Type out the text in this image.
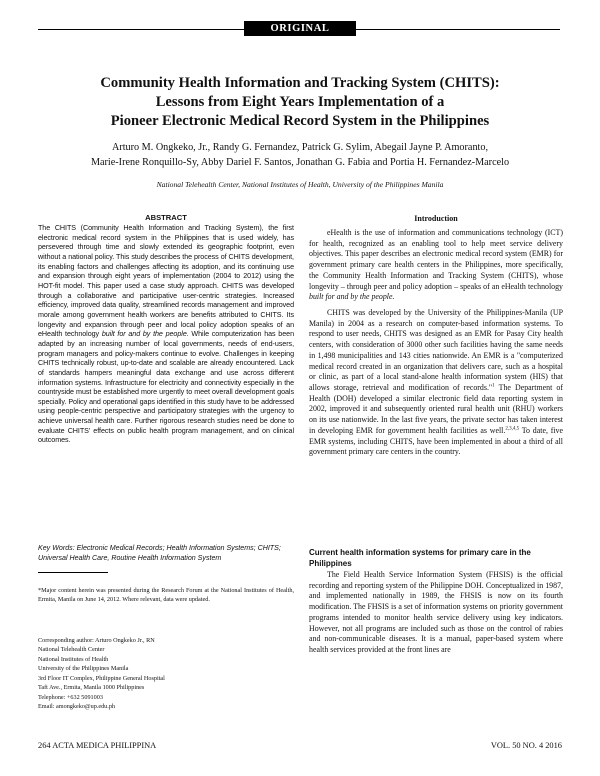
ORIGINAL ARTICLE
Community Health Information and Tracking System (CHITS):
Lessons from Eight Years Implementation of a
Pioneer Electronic Medical Record System in the Philippines
Arturo M. Ongkeko, Jr., Randy G. Fernandez, Patrick G. Sylim, Abegail Jayne P. Amoranto,
Marie-Irene Ronquillo-Sy, Abby Dariel F. Santos, Jonathan G. Fabia and Portia H. Fernandez-Marcelo
National Telehealth Center, National Institutes of Health, University of the Philippines Manila
ABSTRACT
The CHITS (Community Health Information and Tracking System), the first electronic medical record system in the Philippines that is used widely, has persevered through time and slowly extended its geographic footprint, even without a national policy. This study describes the process of CHITS development, its enabling factors and challenges affecting its adoption, and its continuing use and expansion through eight years of implementation (2004 to 2012) using the HOT-fit model. This paper used a case study approach. CHITS was developed through a collaborative and participative user-centric strategies. Increased efficiency, improved data quality, streamlined records management and improved morale among government health workers are benefits attributed to CHITS. Its longevity and expansion through peer and local policy adoption speaks of an eHealth technology built for and by the people. While computerization has been adapted by an increasing number of local governments, needs of end-users, program managers and policy-makers continue to evolve. Challenges in keeping CHITS technically robust, up-to-date and scalable are already encountered. Lack of standards hampers meaningful data exchange and use across different information systems. Infrastructure for electricity and connectivity especially in the countryside must be established more urgently to meet overall development goals specially. Policy and operational gaps identified in this study have to be addressed using people-centric perspective and participatory strategies with the urgency to achieve universal health care. Further rigorous research studies need be done to evaluate CHITS' effects on public health program management, and on clinical outcomes.
Key Words: Electronic Medical Records; Health Information Systems; CHITS; Universal Health Care, Routine Health Information System
*Major content herein was presented during the Research Forum at the National Institutes of Health, Ermita, Manila on June 14, 2012. Where relevant, data were updated.
Corresponding author: Arturo Ongkeko Jr., RN
National Telehealth Center
National Institutes of Health
University of the Philippines Manila
3rd Floor IT Complex, Philippine General Hospital
Taft Ave., Ermita, Manila 1000 Philippines
Telephone: +632 5091003
Email: amongkeko@up.edu.ph
Introduction

eHealth is the use of information and communications technology (ICT) for health, recognized as an enabling tool to help meet service delivery objectives. This paper describes an electronic medical record system (EMR) for government primary care health centers in the Philippines, more specifically, the Community Health Information and Tracking System (CHITS), whose longevity – through peer and policy adoption – speaks of an eHealth technology built for and by the people.

CHITS was developed by the University of the Philippines-Manila (UP Manila) in 2004 as a research on computer-based information systems. To respond to user needs, CHITS was designed as an EMR for Pasay City health centers, with consideration of 3000 other such facilities having the same needs in 1,498 municipalities and 143 cities nationwide. An EMR is a "computerized medical record created in an organization that delivers care, such as a hospital or clinic, as part of a local stand-alone health information system (HIS) that allows storage, retrieval and modification of records."$^1$ The Department of Health (DOH) developed a similar electronic field data reporting system in 2002, improved it and subsequently oriented rural health unit (RHU) workers on its use nationwide. In the last five years, the private sector has taken interest in developing EMR for government health facilities as well.$^{2,3,4,5}$ To date, five EMR systems, including CHITS, have been implemented in about a third of all government primary care centers in the country.

Current health information systems for primary care in the Philippines

The Field Health Service Information System (FHSIS) is the official recording and reporting system of the Philippine DOH. Conceptualized in 1987, and implemented nationally in 1989, the FHSIS is now on its fourth modification. The FHSIS is a set of information systems on priority government programs intended to monitor health service delivery using key indicators. However, not all programs are included such as those on the control of rabies and non-communicable diseases. It is a manual, paper-based system where health services provided at the front lines are

264 ACTA MEDICA PHILIPPINA	VOL. 50 NO. 4 2016
